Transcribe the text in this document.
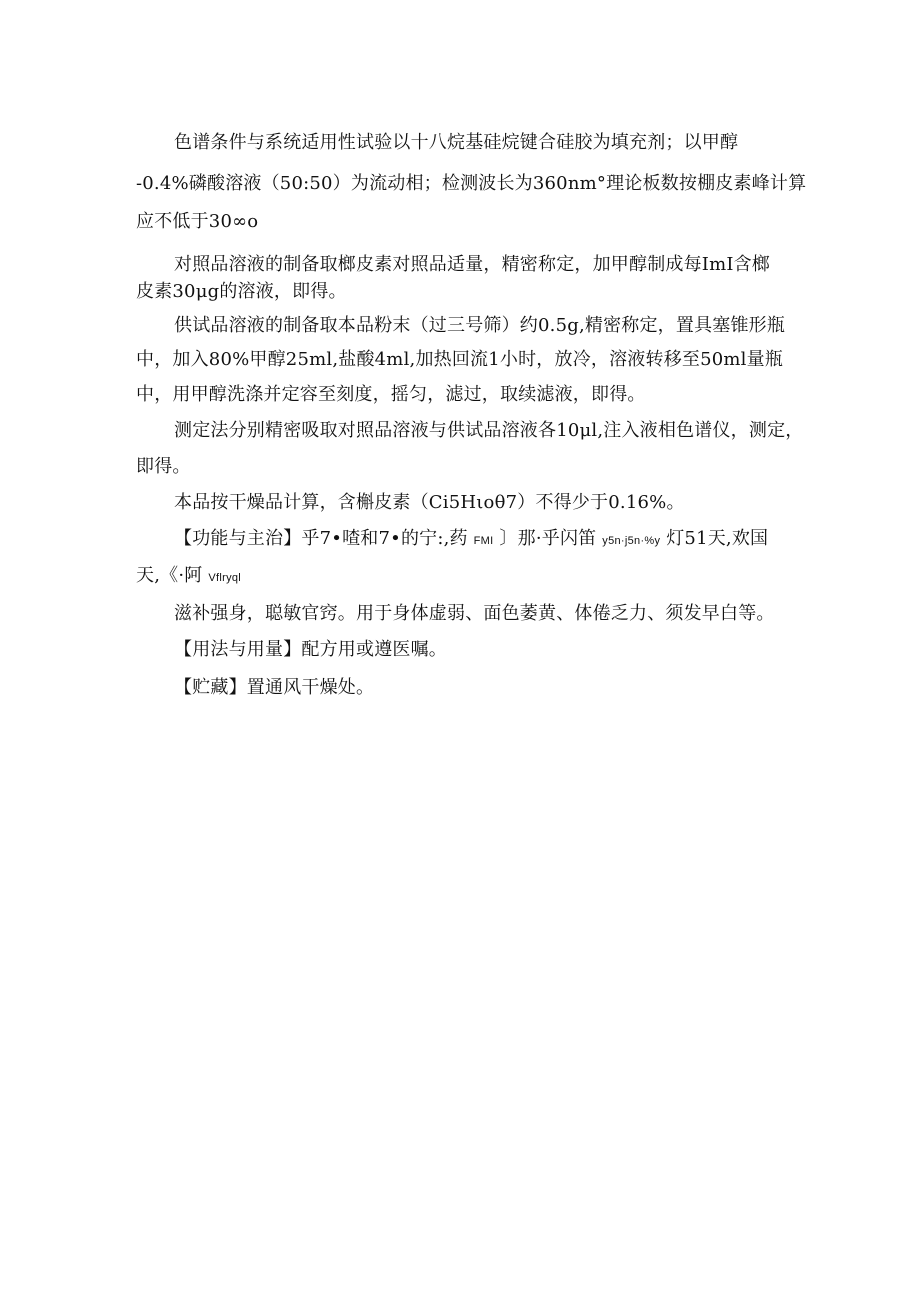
色谱条件与系统适用性试验以十八烷基硅烷键合硅胶为填充剂；以甲醇
-0.4%磷酸溶液（50:50）为流动相；检测波长为360nm°理论板数按棚皮素峰计算
应不低于30∞o
对照品溶液的制备取榔皮素对照品适量，精密称定，加甲醇制成每ImI含榔
皮素30μg的溶液，即得。
供试品溶液的制备取本品粉末（过三号筛）约0.5g,精密称定，置具塞锥形瓶
中，加入80%甲醇25ml,盐酸4ml,加热回流1小时，放冷，溶液转移至50ml量瓶
中，用甲醇洗涤并定容至刻度，摇匀，滤过，取续滤液，即得。
测定法分别精密吸取对照品溶液与供试品溶液各10μl,注入液相色谱仪，测定，
即得。
本品按干燥品计算，含槲皮素（Ci5Hιoθ7）不得少于0.16%。
【功能与主治】乎7•喳和7•的宁:,药 FMI 〕那·乎闪笛 y5n·j5n·%y 灯51天,欢国
天,《·阿 Vflryql
滋补强身，聪敏官窍。用于身体虚弱、面色萎黄、体倦乏力、须发早白等。
【用法与用量】配方用或遵医嘱。
【贮藏】置通风干燥处。
